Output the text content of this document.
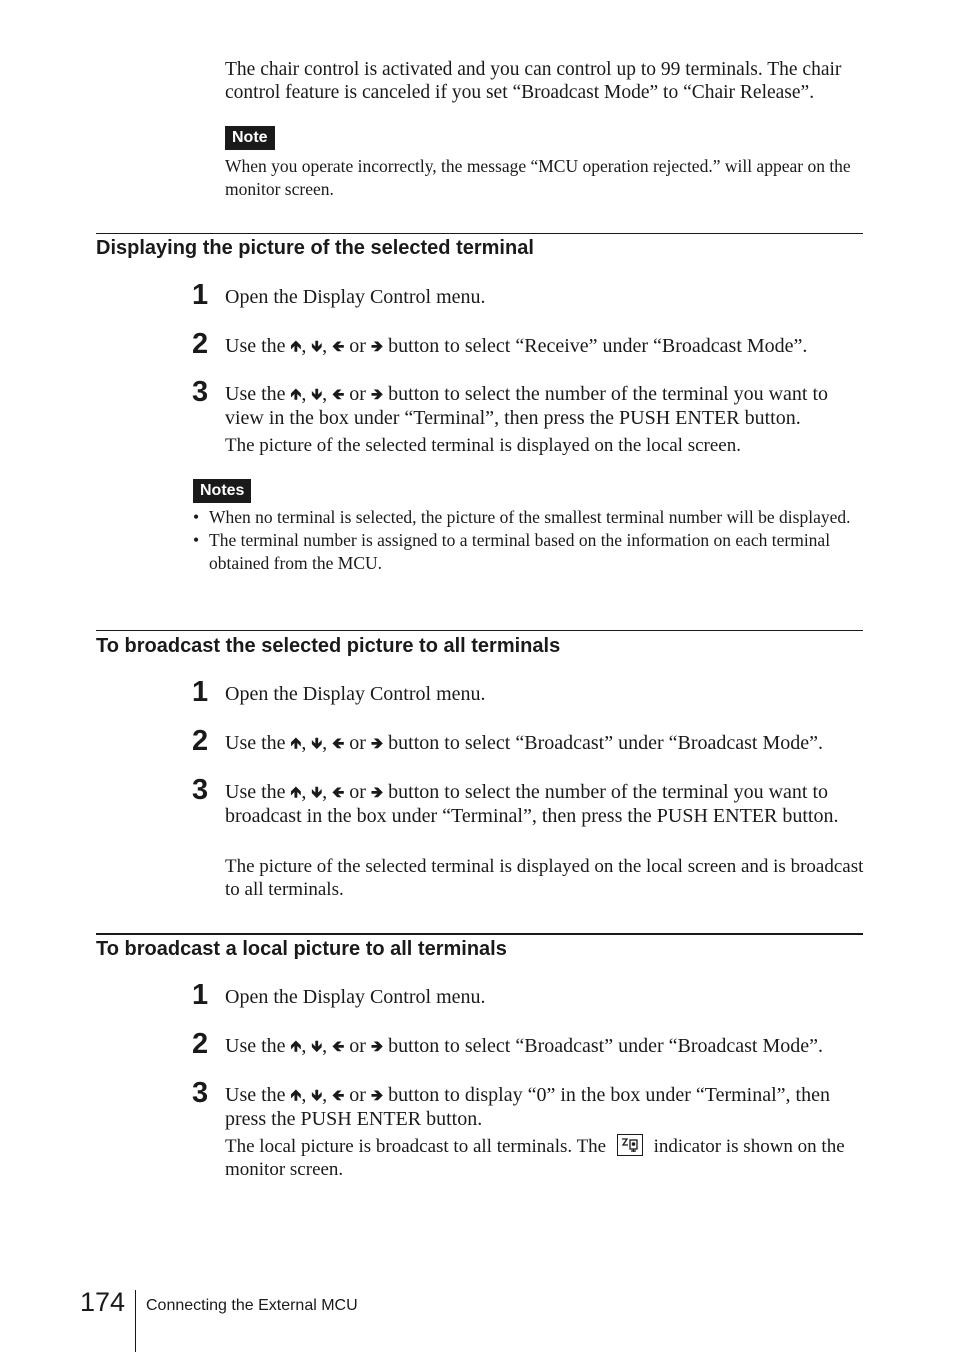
The chair control is activated and you can control up to 99 terminals. The chair control feature is canceled if you set “Broadcast Mode” to “Chair Release”.
Note
When you operate incorrectly, the message “MCU operation rejected.” will appear on the monitor screen.
Displaying the picture of the selected terminal
1 Open the Display Control menu.
2 Use the 🡹, 🡻, 🡸 or 🡺 button to select “Receive” under “Broadcast Mode”.
3 Use the 🡹, 🡻, 🡸 or 🡺 button to select the number of the terminal you want to view in the box under “Terminal”, then press the PUSH ENTER button.
The picture of the selected terminal is displayed on the local screen.
Notes
• When no terminal is selected, the picture of the smallest terminal number will be displayed.
• The terminal number is assigned to a terminal based on the information on each terminal obtained from the MCU.
To broadcast the selected picture to all terminals
1 Open the Display Control menu.
2 Use the 🡹, 🡻, 🡸 or 🡺 button to select “Broadcast” under “Broadcast Mode”.
3 Use the 🡹, 🡻, 🡸 or 🡺 button to select the number of the terminal you want to broadcast in the box under “Terminal”, then press the PUSH ENTER button.
The picture of the selected terminal is displayed on the local screen and is broadcast to all terminals.
To broadcast a local picture to all terminals
1 Open the Display Control menu.
2 Use the 🡹, 🡻, 🡸 or 🡺 button to select “Broadcast” under “Broadcast Mode”.
3 Use the 🡹, 🡻, 🡸 or 🡺 button to display “0” in the box under “Terminal”, then press the PUSH ENTER button.
The local picture is broadcast to all terminals. The	indicator is shown on the monitor screen.
174 Connecting the External MCU
